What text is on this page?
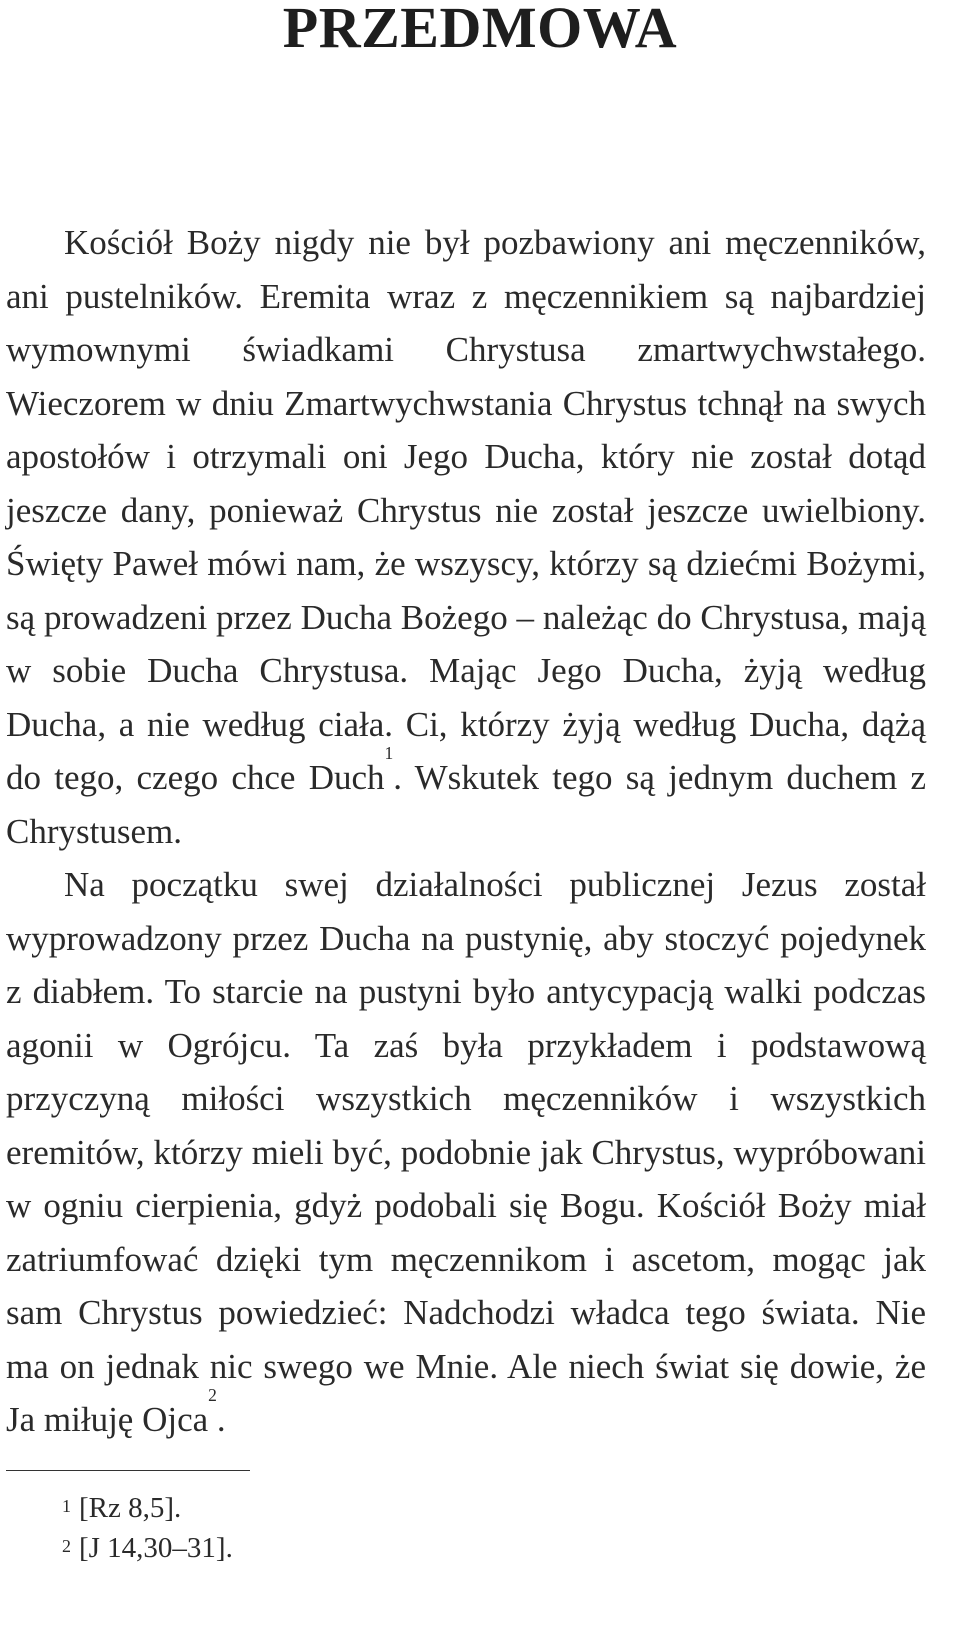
PRZEDMOWA

Kościół Boży nigdy nie był pozbawiony ani męczenników, ani pustelników. Eremita wraz z męczennikiem są najbardziej wymownymi świadkami Chrystusa zmartwychwstałego. Wieczorem w dniu Zmartwychwstania Chrystus tchnął na swych apostołów i otrzymali oni Jego Ducha, który nie został dotąd jeszcze dany, ponieważ Chrystus nie został jeszcze uwielbiony. Święty Paweł mówi nam, że wszyscy, którzy są dziećmi Bożymi, są prowadzeni przez Ducha Bożego – należąc do Chrystusa, mają w sobie Ducha Chrystusa. Mając Jego Ducha, żyją według Ducha, a nie według ciała. Ci, którzy żyją według Ducha, dążą do tego, czego chce Duch$^1$. Wskutek tego są jednym duchem z Chrystusem.

Na początku swej działalności publicznej Jezus został wyprowadzony przez Ducha na pustynię, aby stoczyć pojedynek z diabłem. To starcie na pustyni było antycypacją walki podczas agonii w Ogrójcu. Ta zaś była przykładem i podstawową przyczyną miłości wszystkich męczenników i wszystkich eremitów, którzy mieli być, podobnie jak Chrystus, wypróbowani w ogniu cierpienia, gdyż podobali się Bogu. Kościół Boży miał zatriumfować dzięki tym męczennikom i ascetom, mogąc jak sam Chrystus powiedzieć: Nadchodzi władca tego świata. Nie ma on jednak nic swego we Mnie. Ale niech świat się dowie, że Ja miłuję Ojca$^2$.

$^1$ [Rz 8,5].
$^2$ [J 14,30–31].
